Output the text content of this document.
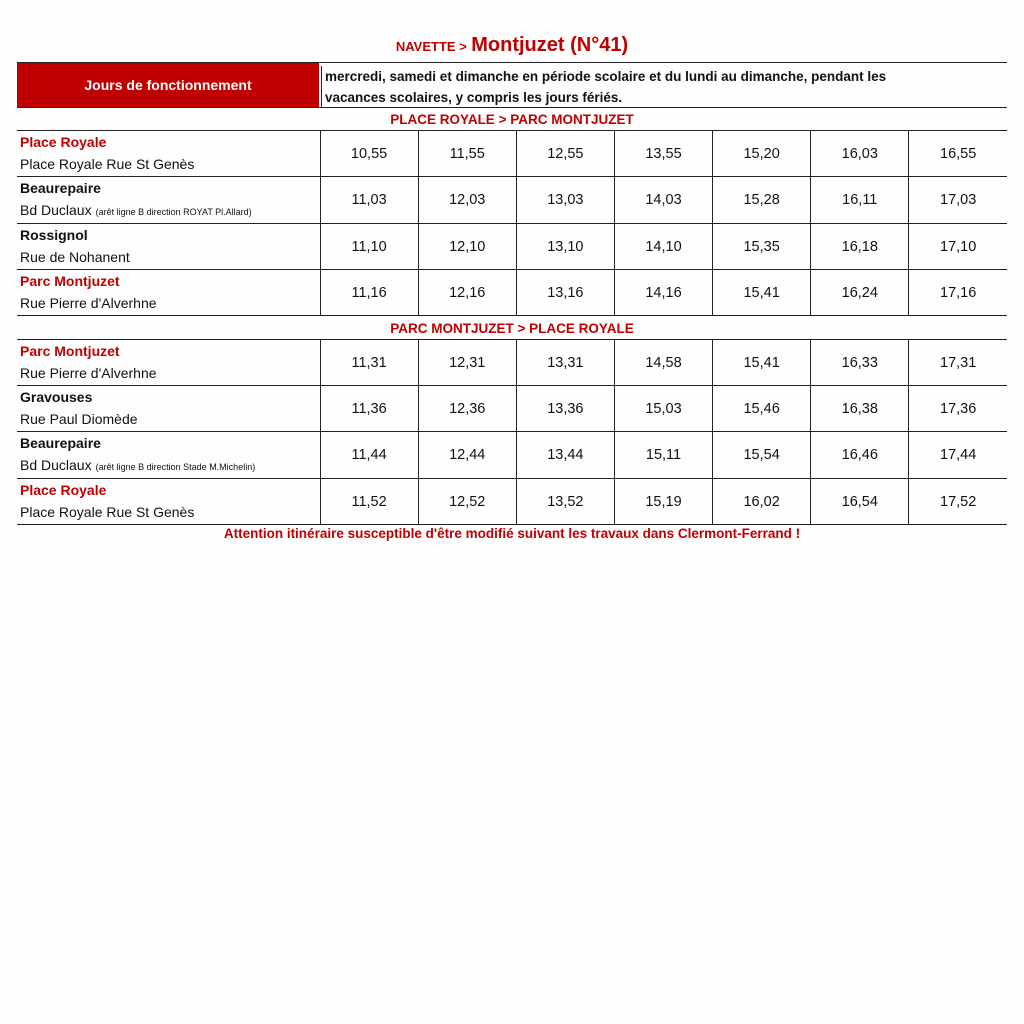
NAVETTE > Montjuzet (N°41)
Jours de fonctionnement
mercredi, samedi et dimanche en période scolaire et du lundi au dimanche, pendant les
vacances scolaires, y compris les jours fériés.
PLACE ROYALE > PARC MONTJUZET
Place Royale
Place Royale Rue St Genès	10,55	11,55	12,55	13,55	15,20	16,03	16,55

Beaurepaire
Bd Duclaux (arêt ligne B direction ROYAT Pl.Allard)	11,03	12,03	13,03	14,03	15,28	16,11	17,03

Rossignol
Rue de Nohanent	11,10	12,10	13,10	14,10	15,35	16,18	17,10

Parc Montjuzet
Rue Pierre d'Alverhne	11,16	12,16	13,16	14,16	15,41	16,24	17,16
PARC MONTJUZET > PLACE ROYALE
Parc Montjuzet
Rue Pierre d'Alverhne	11,31	12,31	13,31	14,58	15,41	16,33	17,31

Gravouses
Rue Paul Diomède	11,36	12,36	13,36	15,03	15,46	16,38	17,36

Beaurepaire
Bd Duclaux (arêt ligne B direction Stade M.Michelin)	11,44	12,44	13,44	15,11	15,54	16,46	17,44

Place Royale
Place Royale Rue St Genès	11,52	12,52	13,52	15,19	16,02	16,54	17,52
Attention itinéraire susceptible d'être modifié suivant les travaux dans Clermont-Ferrand !
